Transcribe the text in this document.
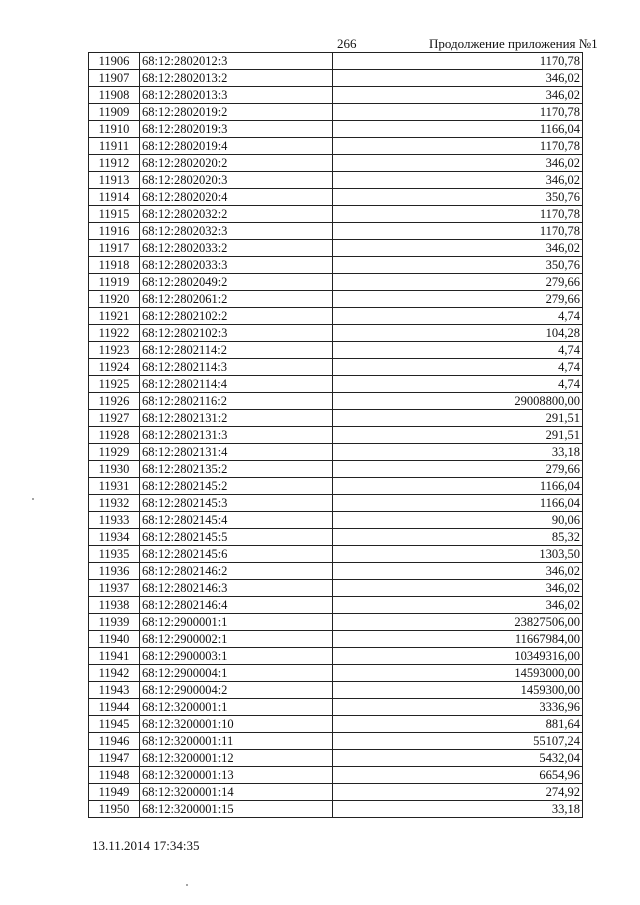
266	Продолжение приложения №1
11906	68:12:2802012:3	1170,78
11907	68:12:2802013:2	346,02
11908	68:12:2802013:3	346,02
11909	68:12:2802019:2	1170,78
11910	68:12:2802019:3	1166,04
11911	68:12:2802019:4	1170,78
11912	68:12:2802020:2	346,02
11913	68:12:2802020:3	346,02
11914	68:12:2802020:4	350,76
11915	68:12:2802032:2	1170,78
11916	68:12:2802032:3	1170,78
11917	68:12:2802033:2	346,02
11918	68:12:2802033:3	350,76
11919	68:12:2802049:2	279,66
11920	68:12:2802061:2	279,66
11921	68:12:2802102:2	4,74
11922	68:12:2802102:3	104,28
11923	68:12:2802114:2	4,74
11924	68:12:2802114:3	4,74
11925	68:12:2802114:4	4,74
11926	68:12:2802116:2	29008800,00
11927	68:12:2802131:2	291,51
11928	68:12:2802131:3	291,51
11929	68:12:2802131:4	33,18
11930	68:12:2802135:2	279,66
11931	68:12:2802145:2	1166,04
11932	68:12:2802145:3	1166,04
11933	68:12:2802145:4	90,06
11934	68:12:2802145:5	85,32
11935	68:12:2802145:6	1303,50
11936	68:12:2802146:2	346,02
11937	68:12:2802146:3	346,02
11938	68:12:2802146:4	346,02
11939	68:12:2900001:1	23827506,00
11940	68:12:2900002:1	11667984,00
11941	68:12:2900003:1	10349316,00
11942	68:12:2900004:1	14593000,00
11943	68:12:2900004:2	1459300,00
11944	68:12:3200001:1	3336,96
11945	68:12:3200001:10	881,64
11946	68:12:3200001:11	55107,24
11947	68:12:3200001:12	5432,04
11948	68:12:3200001:13	6654,96
11949	68:12:3200001:14	274,92
11950	68:12:3200001:15	33,18
13.11.2014 17:34:35
